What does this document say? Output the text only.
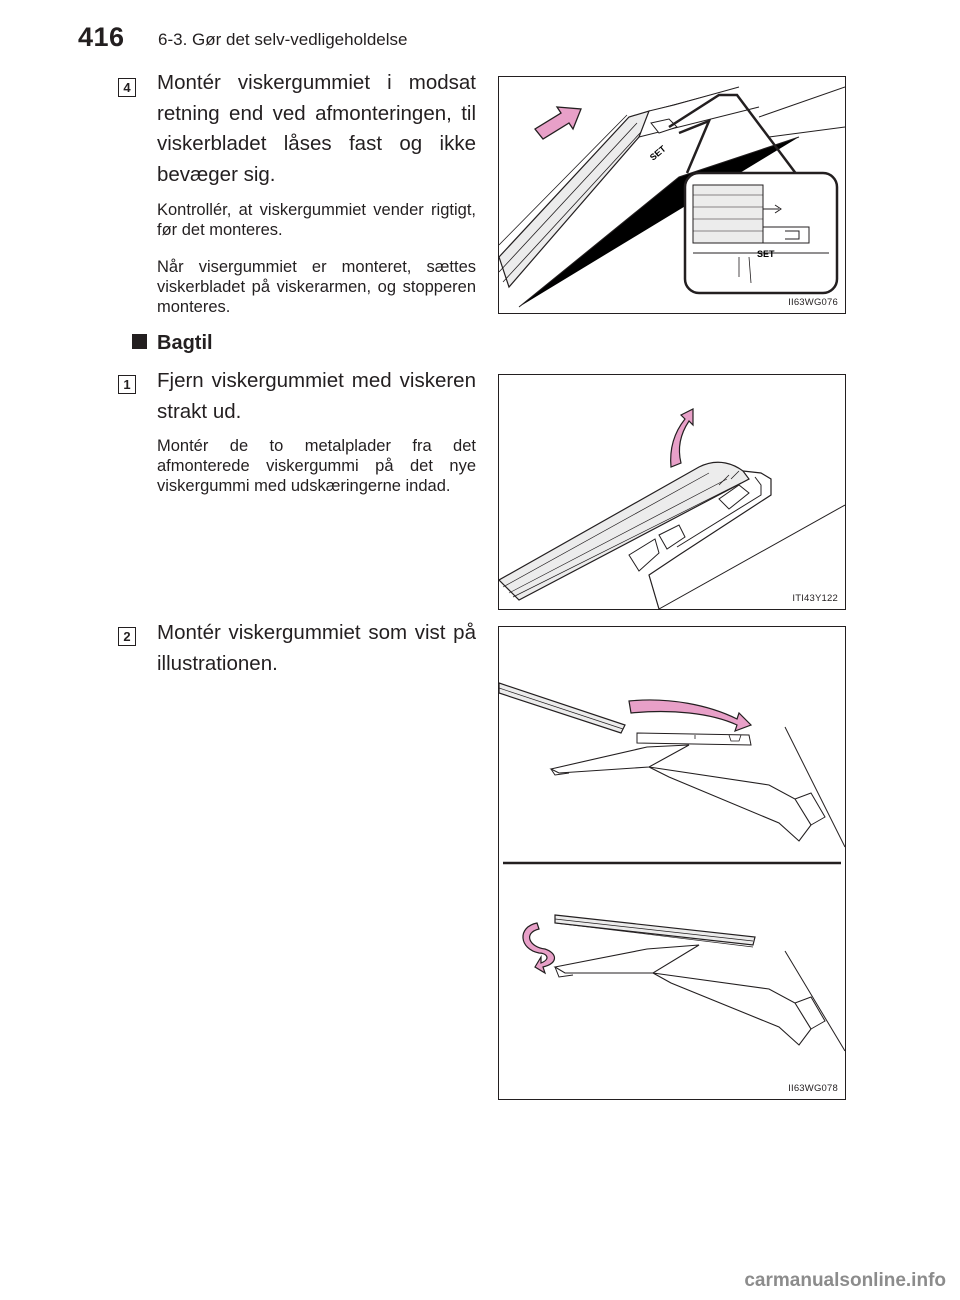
416 6-3. Gør det selv-vedligeholdelse
4 Montér viskergummiet i modsat retning end ved afmonteringen, til viskerbladet låses fast og ikke bevæger sig.
Kontrollér, at viskergummiet vender rigtigt, før det monteres.
Når visergummiet er monteret, sættes viskerbladet på viskerarmen, og stopperen monteres.
SET
SET
II63WG076
Bagtil
1 Fjern viskergummiet med viskeren strakt ud.
Montér de to metalplader fra det afmonterede viskergummi på det nye viskergummi med udskæringerne indad.
ITI43Y122
2 Montér viskergummiet som vist på illustrationen.
II63WG078
carmanualsonline.info
